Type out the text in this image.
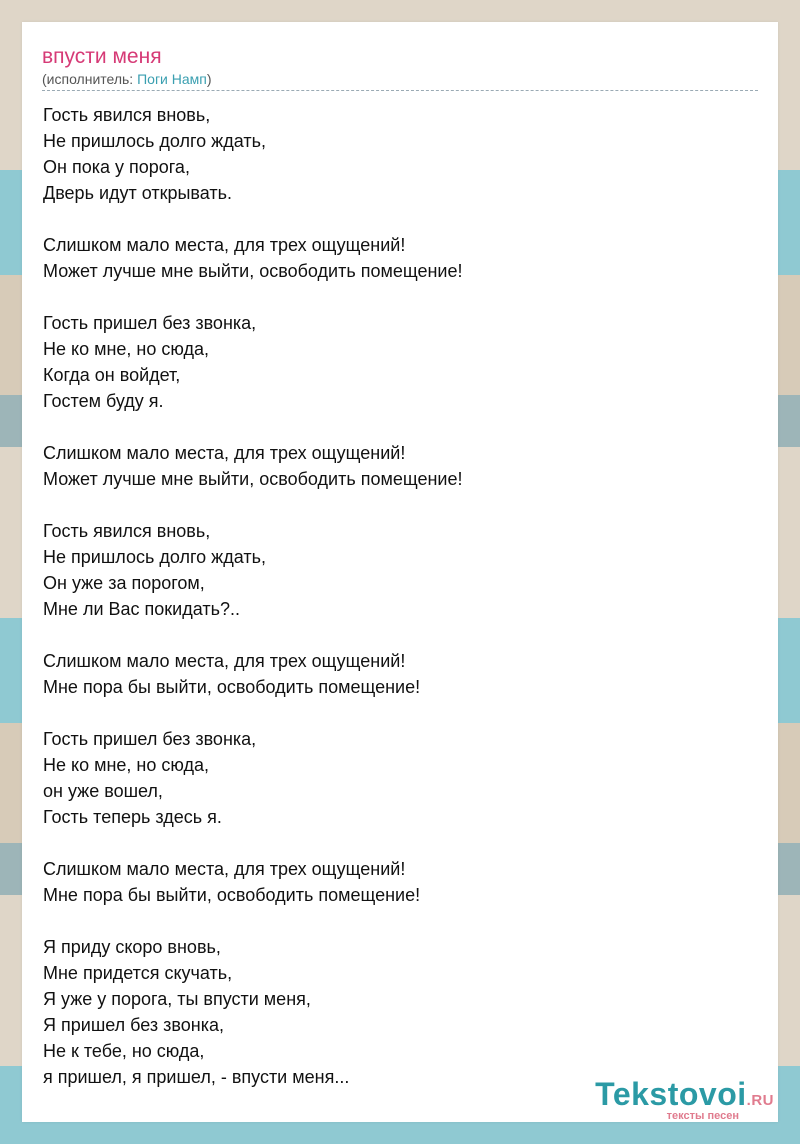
впусти меня
(исполнитель: Поги Намп)
Гость явился вновь,
Не пришлось долго ждать,
Он пока у порога,
Дверь идут открывать.
Слишком мало места, для трех ощущений!
Может лучше мне выйти, освободить помещение!
Гость пришел без звонка,
Не ко мне, но сюда,
Когда он войдет,
Гостем буду я.
Слишком мало места, для трех ощущений!
Может лучше мне выйти, освободить помещение!
Гость явился вновь,
Не пришлось долго ждать,
Он уже за порогом,
Мне ли Вас покидать?..
Слишком мало места, для трех ощущений!
Мне пора бы выйти, освободить помещение!
Гость пришел без звонка,
Не ко мне, но сюда,
он уже вошел,
Гость теперь здесь я.
Слишком мало места, для трех ощущений!
Мне пора бы выйти, освободить помещение!
Я приду скоро вновь,
Мне придется скучать,
Я уже у порога, ты впусти меня,
Я пришел без звонка,
Не к тебе, но сюда,
я пришел, я пришел, - впусти меня...	Tekstovoi.RU
тексты песен
